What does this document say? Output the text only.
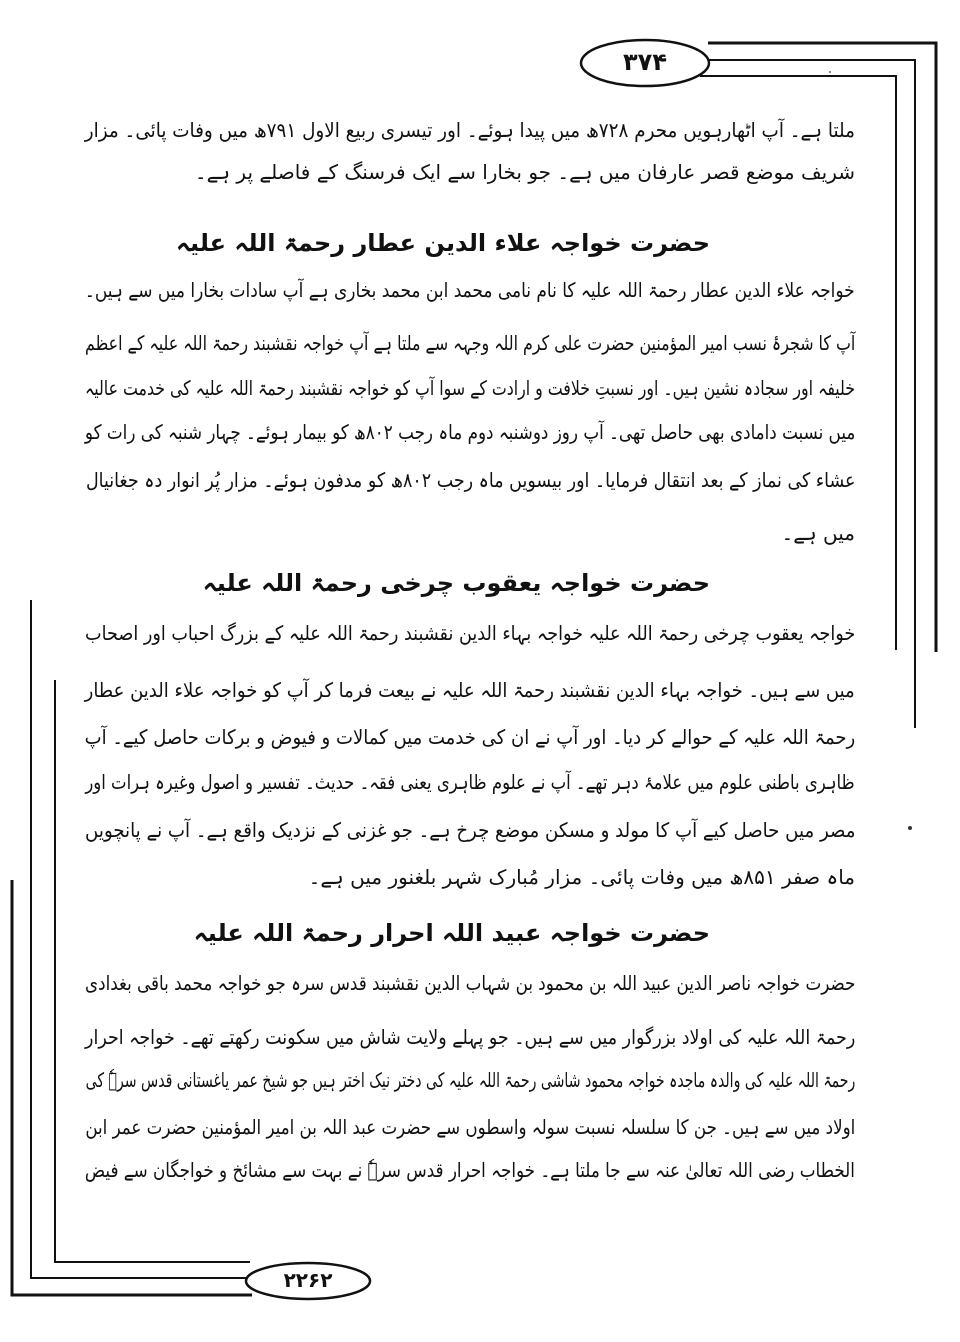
۳۷۴
۲۲۶۲
ملتا ہے۔ آپ اٹھارہویں محرم ۷۲۸ھ میں پیدا ہوئے۔ اور تیسری ربیع الاول ۷۹۱ھ میں وفات پائی۔ مزار
شریف موضع قصر عارفان میں ہے۔ جو بخارا سے ایک فرسنگ کے فاصلے پر ہے۔
حضرت خواجہ علاء الدین عطار رحمۃ اللہ علیہ
خواجہ علاء الدین عطار رحمۃ اللہ علیہ کا نام نامی محمد ابن محمد بخاری ہے آپ سادات بخارا میں سے ہیں۔
آپ کا شجرۂ نسب امیر المؤمنین حضرت علی کرم اللہ وجہہ سے ملتا ہے آپ خواجہ نقشبند رحمۃ اللہ علیہ کے اعظم
خلیفہ اور سجادہ نشین ہیں۔ اور نسبتِ خلافت و ارادت کے سوا آپ کو خواجہ نقشبند رحمۃ اللہ علیہ کی خدمت عالیہ
میں نسبت دامادی بھی حاصل تھی۔ آپ روز دوشنبہ دوم ماہ رجب ۸۰۲ھ کو بیمار ہوئے۔ چہار شنبہ کی رات کو
عشاء کی نماز کے بعد انتقال فرمایا۔ اور بیسویں ماہ رجب ۸۰۲ھ کو مدفون ہوئے۔ مزار پُر انوار دہ جغانیال
میں ہے۔
حضرت خواجہ یعقوب چرخی رحمۃ اللہ علیہ
خواجہ یعقوب چرخی رحمۃ اللہ علیہ خواجہ بہاء الدین نقشبند رحمۃ اللہ علیہ کے بزرگ احباب اور اصحاب
میں سے ہیں۔ خواجہ بہاء الدین نقشبند رحمۃ اللہ علیہ نے بیعت فرما کر آپ کو خواجہ علاء الدین عطار
رحمۃ اللہ علیہ کے حوالے کر دیا۔ اور آپ نے ان کی خدمت میں کمالات و فیوض و برکات حاصل کیے۔ آپ
ظاہری باطنی علوم میں علامۂ دہر تھے۔ آپ نے علوم ظاہری یعنی فقہ۔ حدیث۔ تفسیر و اصول وغیرہ ہرات اور
مصر میں حاصل کیے آپ کا مولد و مسکن موضع چرخ ہے۔ جو غزنی کے نزدیک واقع ہے۔ آپ نے پانچویں
ماہ صفر ۸۵۱ھ میں وفات پائی۔ مزار مُبارک شہر بلغنور میں ہے۔
حضرت خواجہ عبید اللہ احرار رحمۃ اللہ علیہ
حضرت خواجہ ناصر الدین عبید اللہ بن محمود بن شہاب الدین نقشبند قدس سرہ جو خواجہ محمد باقی بغدادی
رحمۃ اللہ علیہ کی اولاد بزرگوار میں سے ہیں۔ جو پہلے ولایت شاش میں سکونت رکھتے تھے۔ خواجہ احرار
رحمۃ اللہ علیہ کی والدہ ماجدہ خواجہ محمود شاشی رحمۃ اللہ علیہ کی دختر نیک اختر ہیں جو شیخ عمر یاغستانی قدس سرہٗ کی
اولاد میں سے ہیں۔ جن کا سلسلہ نسبت سولہ واسطوں سے حضرت عبد اللہ بن امیر المؤمنین حضرت عمر ابن
الخطاب رضی اللہ تعالیٰ عنہ سے جا ملتا ہے۔ خواجہ احرار قدس سرہٗ نے بہت سے مشائخ و خواجگان سے فیض
